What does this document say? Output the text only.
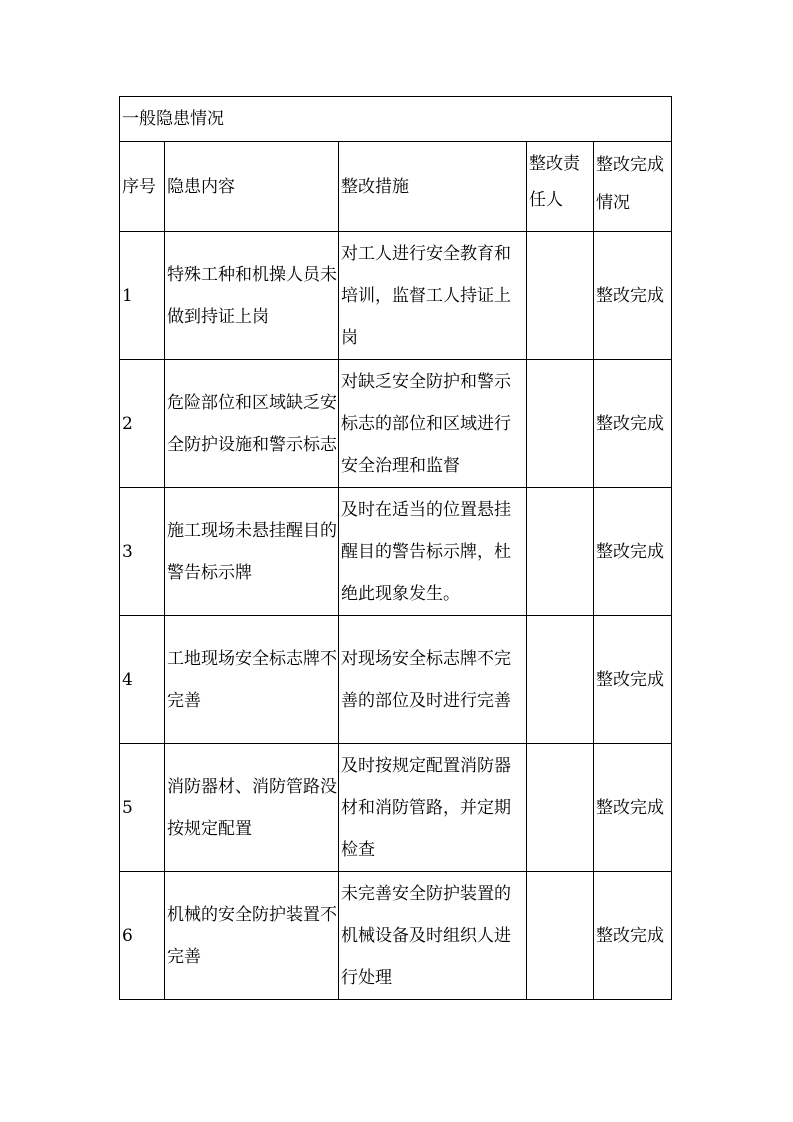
一般隐患情况				
序号	隐患内容	整改措施	整改责任人	整改完成情况
1	特殊工种和机操人员未做到持证上岗	对工人进行安全教育和培训，监督工人持证上岗		整改完成
2	危险部位和区域缺乏安全防护设施和警示标志	对缺乏安全防护和警示标志的部位和区域进行安全治理和监督		整改完成
3	施工现场未悬挂醒目的警告标示牌	及时在适当的位置悬挂醒目的警告标示牌，杜绝此现象发生。		整改完成
4	工地现场安全标志牌不完善	对现场安全标志牌不完善的部位及时进行完善		整改完成
5	消防器材、消防管路没按规定配置	及时按规定配置消防器材和消防管路，并定期检查		整改完成
6	机械的安全防护装置不完善	未完善安全防护装置的机械设备及时组织人进行处理		整改完成
